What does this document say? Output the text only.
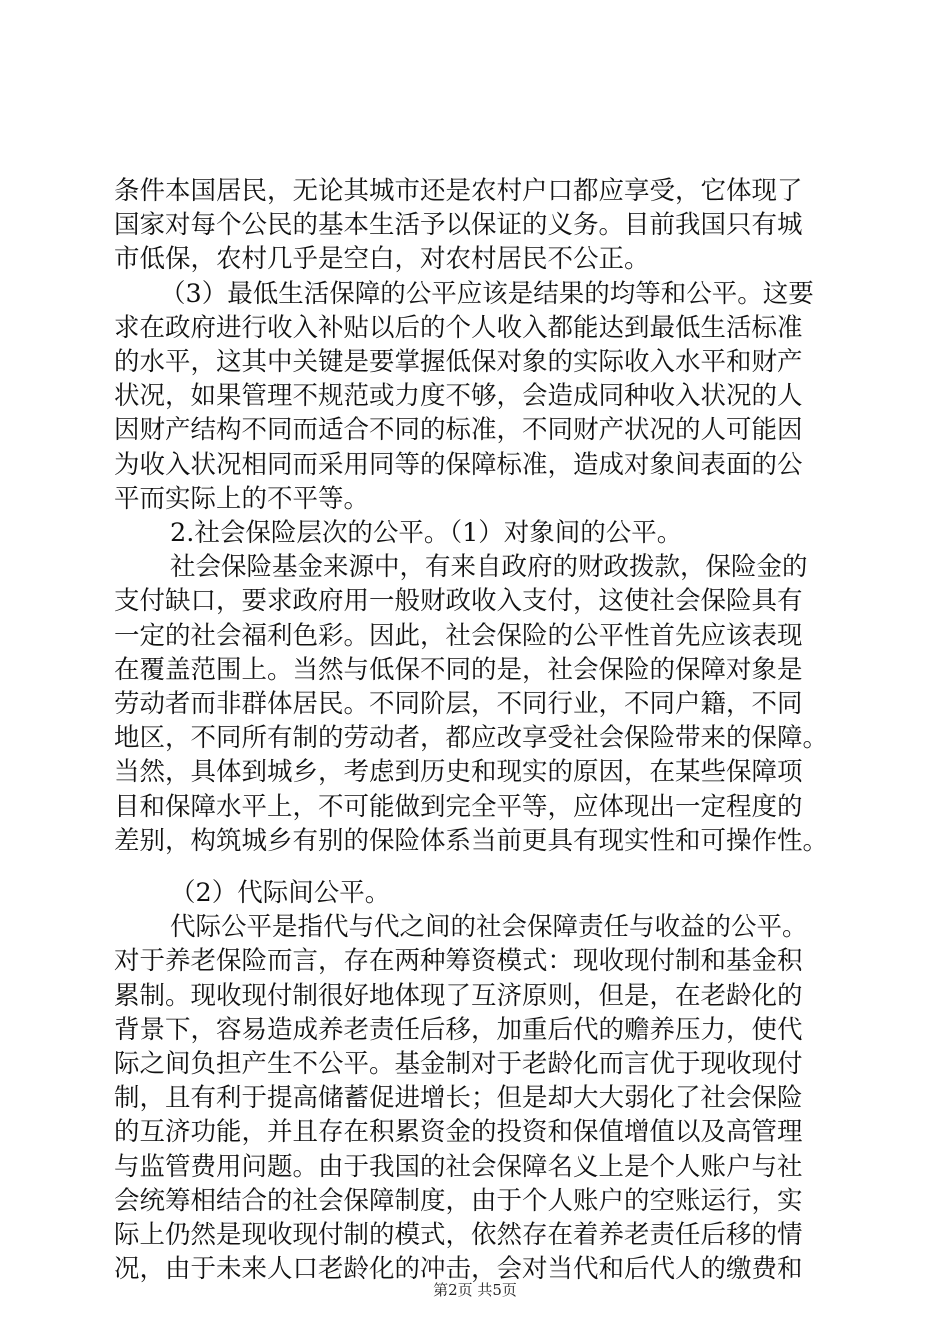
条件本国居民，无论其城市还是农村户口都应享受，它体现了
国家对每个公民的基本生活予以保证的义务。目前我国只有城
市低保，农村几乎是空白，对农村居民不公正。
（3）最低生活保障的公平应该是结果的均等和公平。这要
求在政府进行收入补贴以后的个人收入都能达到最低生活标准
的水平，这其中关键是要掌握低保对象的实际收入水平和财产
状况，如果管理不规范或力度不够，会造成同种收入状况的人
因财产结构不同而适合不同的标准，不同财产状况的人可能因
为收入状况相同而采用同等的保障标准，造成对象间表面的公
平而实际上的不平等。
2.社会保险层次的公平。（1）对象间的公平。
社会保险基金来源中，有来自政府的财政拨款，保险金的
支付缺口，要求政府用一般财政收入支付，这使社会保险具有
一定的社会福利色彩。因此，社会保险的公平性首先应该表现
在覆盖范围上。当然与低保不同的是，社会保险的保障对象是
劳动者而非群体居民。不同阶层，不同行业，不同户籍，不同
地区，不同所有制的劳动者，都应改享受社会保险带来的保障。
当然，具体到城乡，考虑到历史和现实的原因，在某些保障项
目和保障水平上，不可能做到完全平等，应体现出一定程度的
差别，构筑城乡有别的保险体系当前更具有现实性和可操作性。
（2）代际间公平。
代际公平是指代与代之间的社会保障责任与收益的公平。
对于养老保险而言，存在两种筹资模式：现收现付制和基金积
累制。现收现付制很好地体现了互济原则，但是，在老龄化的
背景下，容易造成养老责任后移，加重后代的赡养压力，使代
际之间负担产生不公平。基金制对于老龄化而言优于现收现付
制，且有利于提高储蓄促进增长；但是却大大弱化了社会保险
的互济功能，并且存在积累资金的投资和保值增值以及高管理
与监管费用问题。由于我国的社会保障名义上是个人账户与社
会统筹相结合的社会保障制度，由于个人账户的空账运行，实
第2页 共5页
际上仍然是现收现付制的模式，依然存在着养老责任后移的情
况，由于未来人口老龄化的冲击，会对当代和后代人的缴费和
